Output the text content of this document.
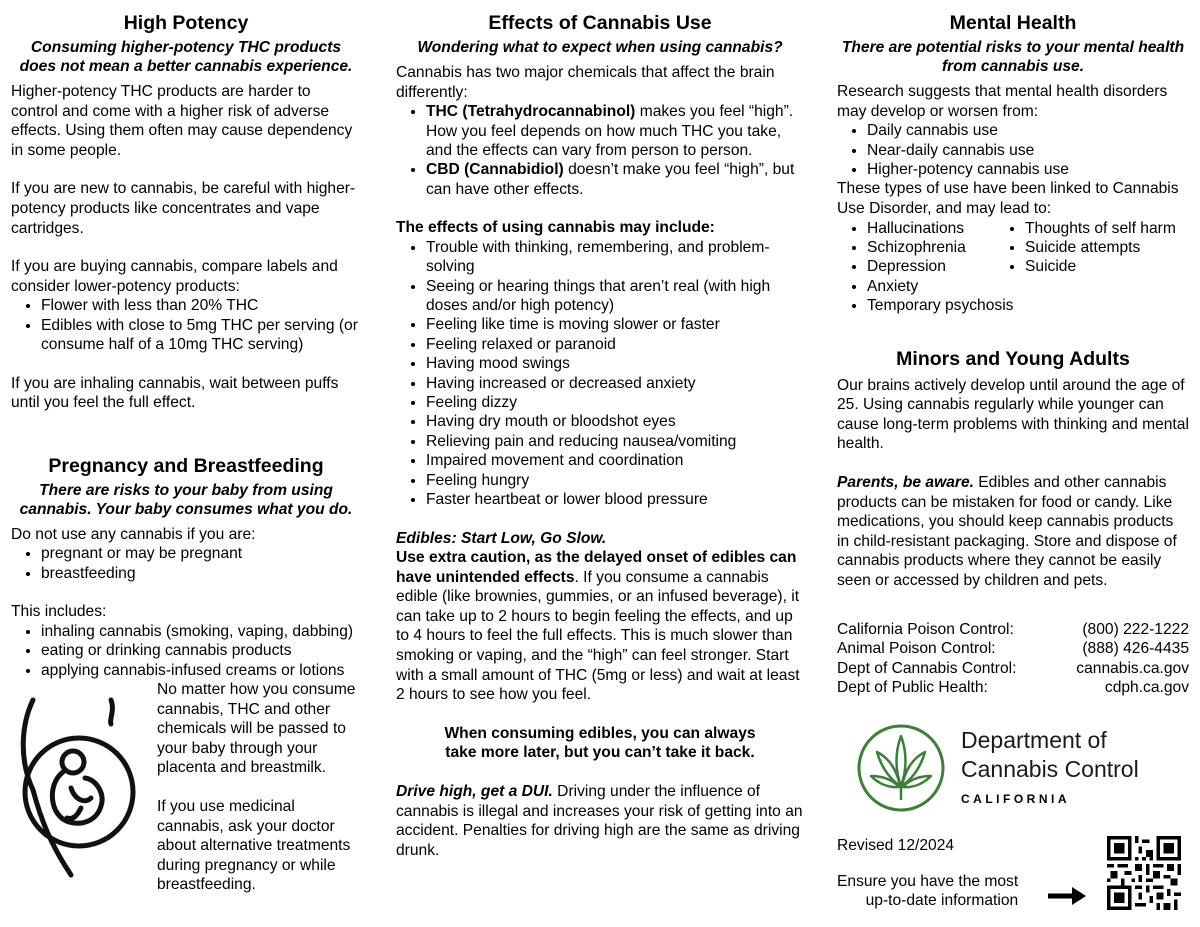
High Potency
Consuming higher-potency THC products does not mean a better cannabis experience.

Higher-potency THC products are harder to control and come with a higher risk of adverse effects. Using them often may cause dependency in some people.

If you are new to cannabis, be careful with higher-potency products like concentrates and vape cartridges.

If you are buying cannabis, compare labels and consider lower-potency products:

• Flower with less than 20% THC
• Edibles with close to 5mg THC per serving (or consume half of a 10mg THC serving)

If you are inhaling cannabis, wait between puffs until you feel the full effect.

Pregnancy and Breastfeeding
There are risks to your baby from using cannabis. Your baby consumes what you do.

Do not use any cannabis if you are:

• pregnant or may be pregnant
• breastfeeding

This includes:

• inhaling cannabis (smoking, vaping, dabbing)
• eating or drinking cannabis products
• applying cannabis-infused creams or lotions

No matter how you consume cannabis, THC and other chemicals will be passed to your baby through your placenta and breastmilk.

If you use medicinal cannabis, ask your doctor about alternative treatments during pregnancy or while breastfeeding.

Effects of Cannabis Use
Wondering what to expect when using cannabis?

Cannabis has two major chemicals that affect the brain differently:

• THC (Tetrahydrocannabinol) makes you feel “high”. How you feel depends on how much THC you take, and the effects can vary from person to person.
• CBD (Cannabidiol) doesn’t make you feel “high”, but can have other effects.

The effects of using cannabis may include:

• Trouble with thinking, remembering, and problem-solving
• Seeing or hearing things that aren’t real (with high doses and/or high potency)
• Feeling like time is moving slower or faster
• Feeling relaxed or paranoid
• Having mood swings
• Having increased or decreased anxiety
• Feeling dizzy
• Having dry mouth or bloodshot eyes
• Relieving pain and reducing nausea/vomiting
• Impaired movement and coordination
• Feeling hungry
• Faster heartbeat or lower blood pressure

Edibles: Start Low, Go Slow.

Use extra caution, as the delayed onset of edibles can have unintended effects. If you consume a cannabis edible (like brownies, gummies, or an infused beverage), it can take up to 2 hours to begin feeling the effects, and up to 4 hours to feel the full effects. This is much slower than smoking or vaping, and the “high” can feel stronger. Start with a small amount of THC (5mg or less) and wait at least 2 hours to see how you feel.

When consuming edibles, you can always

take more later, but you can’t take it back.

Drive high, get a DUI. Driving under the influence of cannabis is illegal and increases your risk of getting into an accident. Penalties for driving high are the same as driving drunk.

Mental Health
There are potential risks to your mental health from cannabis use.

Research suggests that mental health disorders may develop or worsen from:

• Daily cannabis use
• Near-daily cannabis use
• Higher-potency cannabis use

These types of use have been linked to Cannabis Use Disorder, and may lead to:

• Hallucinations
• Schizophrenia
• Depression
• Anxiety
• Temporary psychosis
• Thoughts of self harm
• Suicide attempts
• Suicide
Minors and Young Adults

Our brains actively develop until around the age of 25. Using cannabis regularly while younger can cause long-term problems with thinking and mental health.

Parents, be aware. Edibles and other cannabis products can be mistaken for food or candy. Like medications, you should keep cannabis products in child-resistant packaging. Store and dispose of cannabis products where they cannot be easily seen or accessed by children and pets.

California Poison Control:	(800) 222-1222
Animal Poison Control:	(888) 426-4435
Dept of Cannabis Control:	cannabis.ca.gov
Dept of Public Health:	cdph.ca.gov
Department of
Cannabis Control
CALIFORNIA

Revised 12/2024

Ensure you have the most

up-to-date information
